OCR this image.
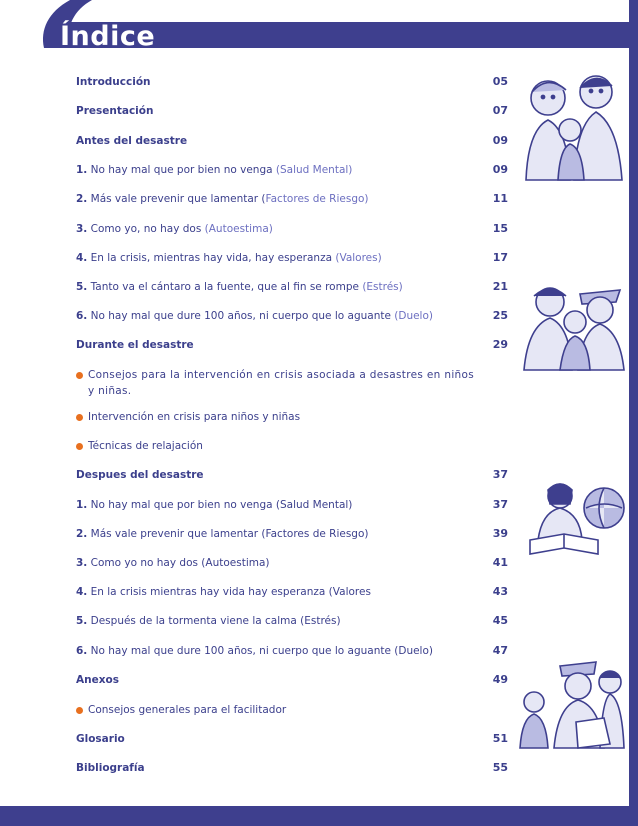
Índice
Introducción	05
Presentación	07
Antes del desastre	09
1. No hay mal que por bien no venga (Salud Mental)	09
2. Más vale prevenir que lamentar (Factores de Riesgo)	11
3. Como yo, no hay dos (Autoestima)	15
4. En la crisis, mientras hay vida, hay esperanza (Valores)	17
5. Tanto va el cántaro a la fuente, que al fin se rompe (Estrés)	21
6. No hay mal que dure 100 años, ni cuerpo que lo aguante (Duelo)	25
Durante el desastre	29
Consejos para la intervención en crisis asociada a desastres en niños y niñas.
Intervención en crisis para niños y niñas
Técnicas de relajación
Despues del desastre	37
1. No hay mal que por bien no venga (Salud Mental)	37
2. Más vale prevenir que lamentar (Factores de Riesgo)	39
3. Como yo no hay dos (Autoestima)	41
4. En la crisis mientras hay vida hay esperanza (Valores	43
5. Después de la tormenta viene la calma (Estrés)	45
6. No hay mal que dure 100 años, ni cuerpo que lo aguante (Duelo)	47
Anexos	49
Consejos generales para el facilitador
Glosario	51
Bibliografía	55
